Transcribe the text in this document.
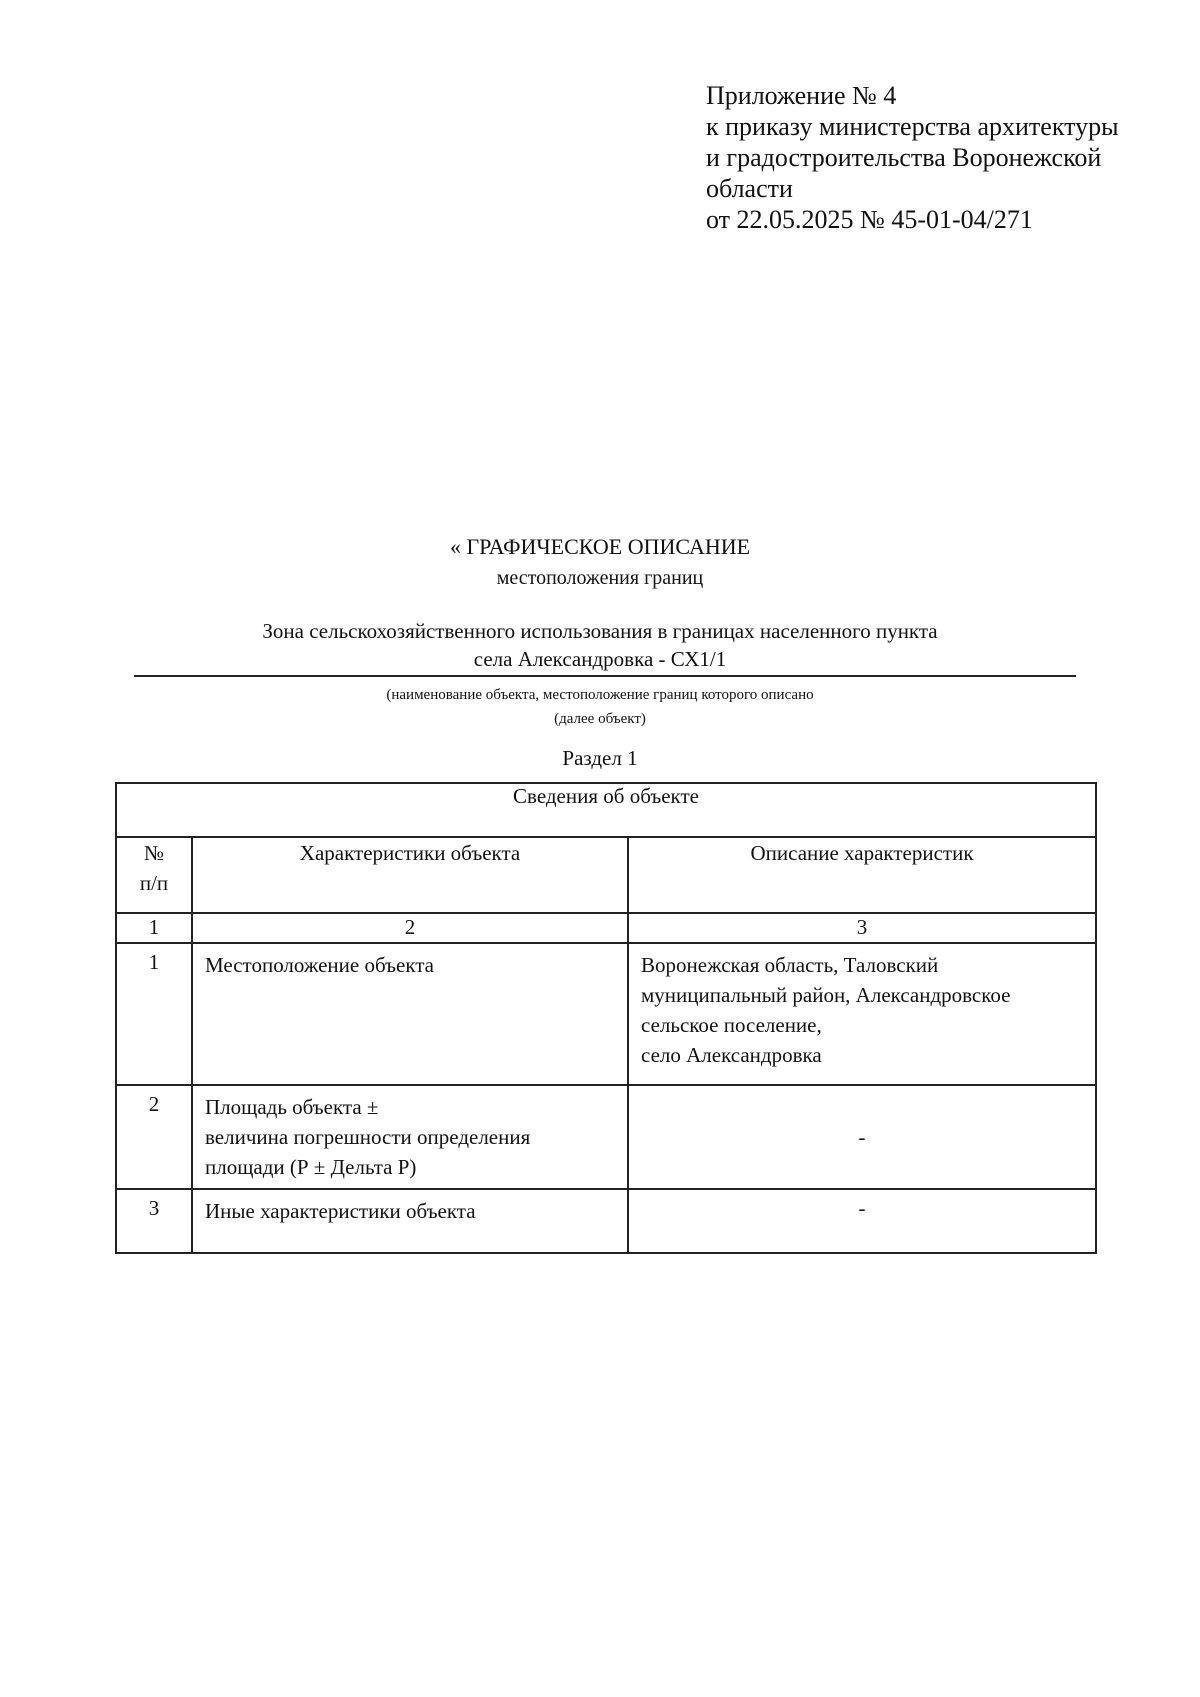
Приложение № 4
к приказу министерства архитектуры
и градостроительства Воронежской
области
от 22.05.2025 № 45-01-04/271
« ГРАФИЧЕСКОЕ ОПИСАНИЕ
местоположения границ
Зона сельскохозяйственного использования в границах населенного пункта
села Александровка - СХ1/1
(наименование объекта, местоположение границ которого описано
(далее объект)
Раздел 1
Сведения об объекте		

№
п/п	Характеристики объекта	Описание характеристик
1	2	3
1	Местоположение объекта	Воронежская область, Таловский
муниципальный район, Александровское
сельское поселение,
село Александровка

2	Площадь объекта ±
величина погрешности определения
площади (Р ± Дельта Р)	-
3	Иные характеристики объекта	-
